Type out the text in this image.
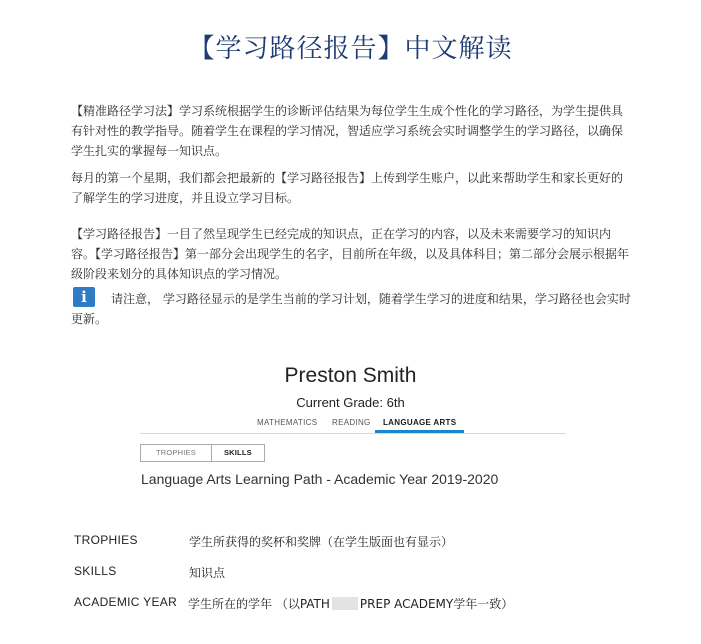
【学习路径报告】中文解读
【精准路径学习法】学习系统根据学生的诊断评估结果为每位学生生成个性化的学习路径，为学生提供具有针对性的教学指导。随着学生在课程的学习情况，智适应学习系统会实时调整学生的学习路径，以确保学生扎实的掌握每一知识点。
每月的第一个星期，我们都会把最新的【学习路径报告】上传到学生账户，以此来帮助学生和家长更好的了解学生的学习进度，并且设立学习目标。
【学习路径报告】一目了然呈现学生已经完成的知识点，正在学习的内容，以及未来需要学习的知识内容。【学习路径报告】第一部分会出现学生的名字，目前所在年级，以及具体科目；第二部分会展示根据年级阶段来划分的具体知识点的学习情况。
i	请注意， 学习路径显示的是学生当前的学习计划，随着学生学习的进度和结果，学习路径也会实时更新。
Preston Smith
Current Grade: 6th
MATHEMATICS READING	LANGUAGE ARTS
TROPHIES	SKILLS
Language Arts Learning Path - Academic Year 2019-2020
TROPHIES	学生所获得的奖杯和奖牌（在学生版面也有显示）
SKILLS	知识点
ACADEMIC YEAR 学生所在的学年 （以PATH	PREP ACADEMY学年一致）
